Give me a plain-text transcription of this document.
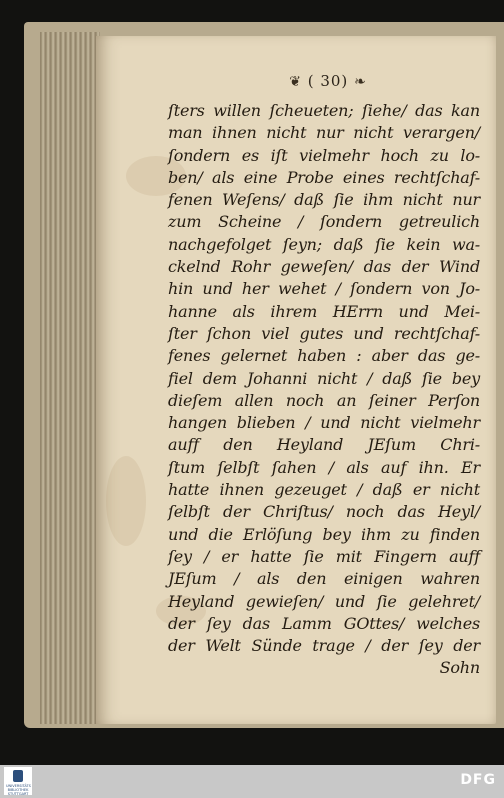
❦ ( 30) ❧
ſters willen ſcheueten; ſiehe/ das kan
man ihnen nicht nur nicht verargen/
ſondern es iſt vielmehr hoch zu lo-
ben/ als eine Probe eines rechtſchaf-
fenen Weſens/ daß ſie ihm nicht nur
zum Scheine / ſondern getreulich
nachgefolget ſeyn; daß ſie kein wa-
ckelnd Rohr geweſen/ das der Wind
hin und her wehet / ſondern von Jo-
hanne als ihrem HErrn und Mei-
ſter ſchon viel gutes und rechtſchaf-
fenes gelernet haben : aber das ge-
fiel dem Johanni nicht / daß ſie bey
dieſem allen noch an ſeiner Perſon
hangen blieben / und nicht vielmehr
auff den Heyland JEſum Chri-
ſtum ſelbſt ſahen / als auf ihn. Er
hatte ihnen gezeuget / daß er nicht
ſelbſt der Chriſtus/ noch das Heyl/
und die Erlöſung bey ihm zu finden
ſey / er hatte ſie mit Fingern auff
JEſum / als den einigen wahren
Heyland gewieſen/ und ſie gelehret/
der ſey das Lamm GOttes/ welches
der Welt Sünde trage / der ſey der
Sohn
UNIVERSITÄTS BIBLIOTHEK STUTTGART
DFG
